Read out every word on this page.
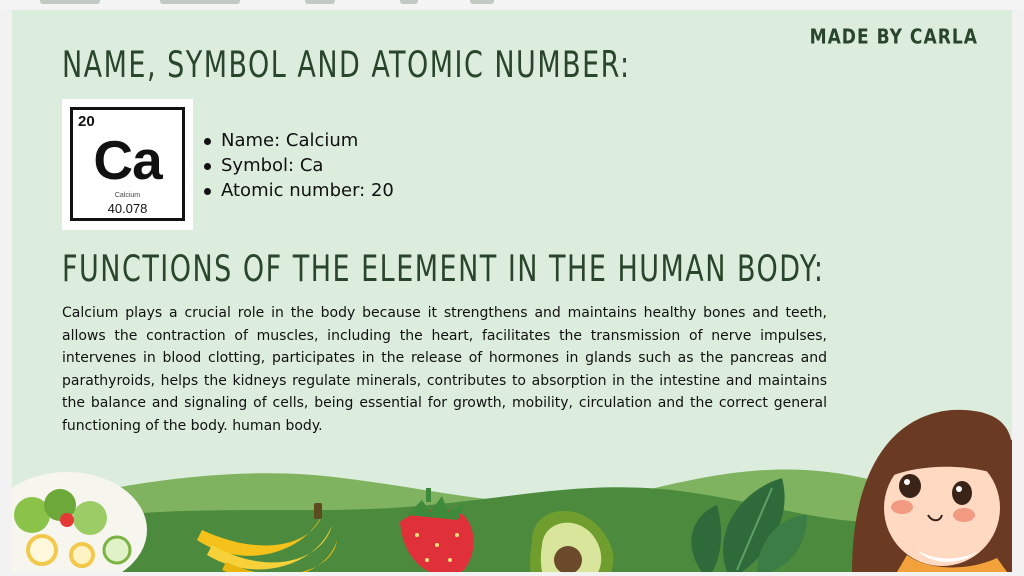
MADE BY CARLA
NAME, SYMBOL AND ATOMIC NUMBER:
20
Ca
Calcium
40.078
Name: Calcium
Symbol: Ca
Atomic number: 20
FUNCTIONS OF THE ELEMENT IN THE HUMAN BODY:

Calcium plays a crucial role in the body because it strengthens and maintains healthy bones and teeth, allows the contraction of muscles, including the heart, facilitates the transmission of nerve impulses, intervenes in blood clotting, participates in the release of hormones in glands such as the pancreas and parathyroids, helps the kidneys regulate minerals, contributes to absorption in the intestine and maintains the balance and signaling of cells, being essential for growth, mobility, circulation and the correct general functioning of the body. human body.
